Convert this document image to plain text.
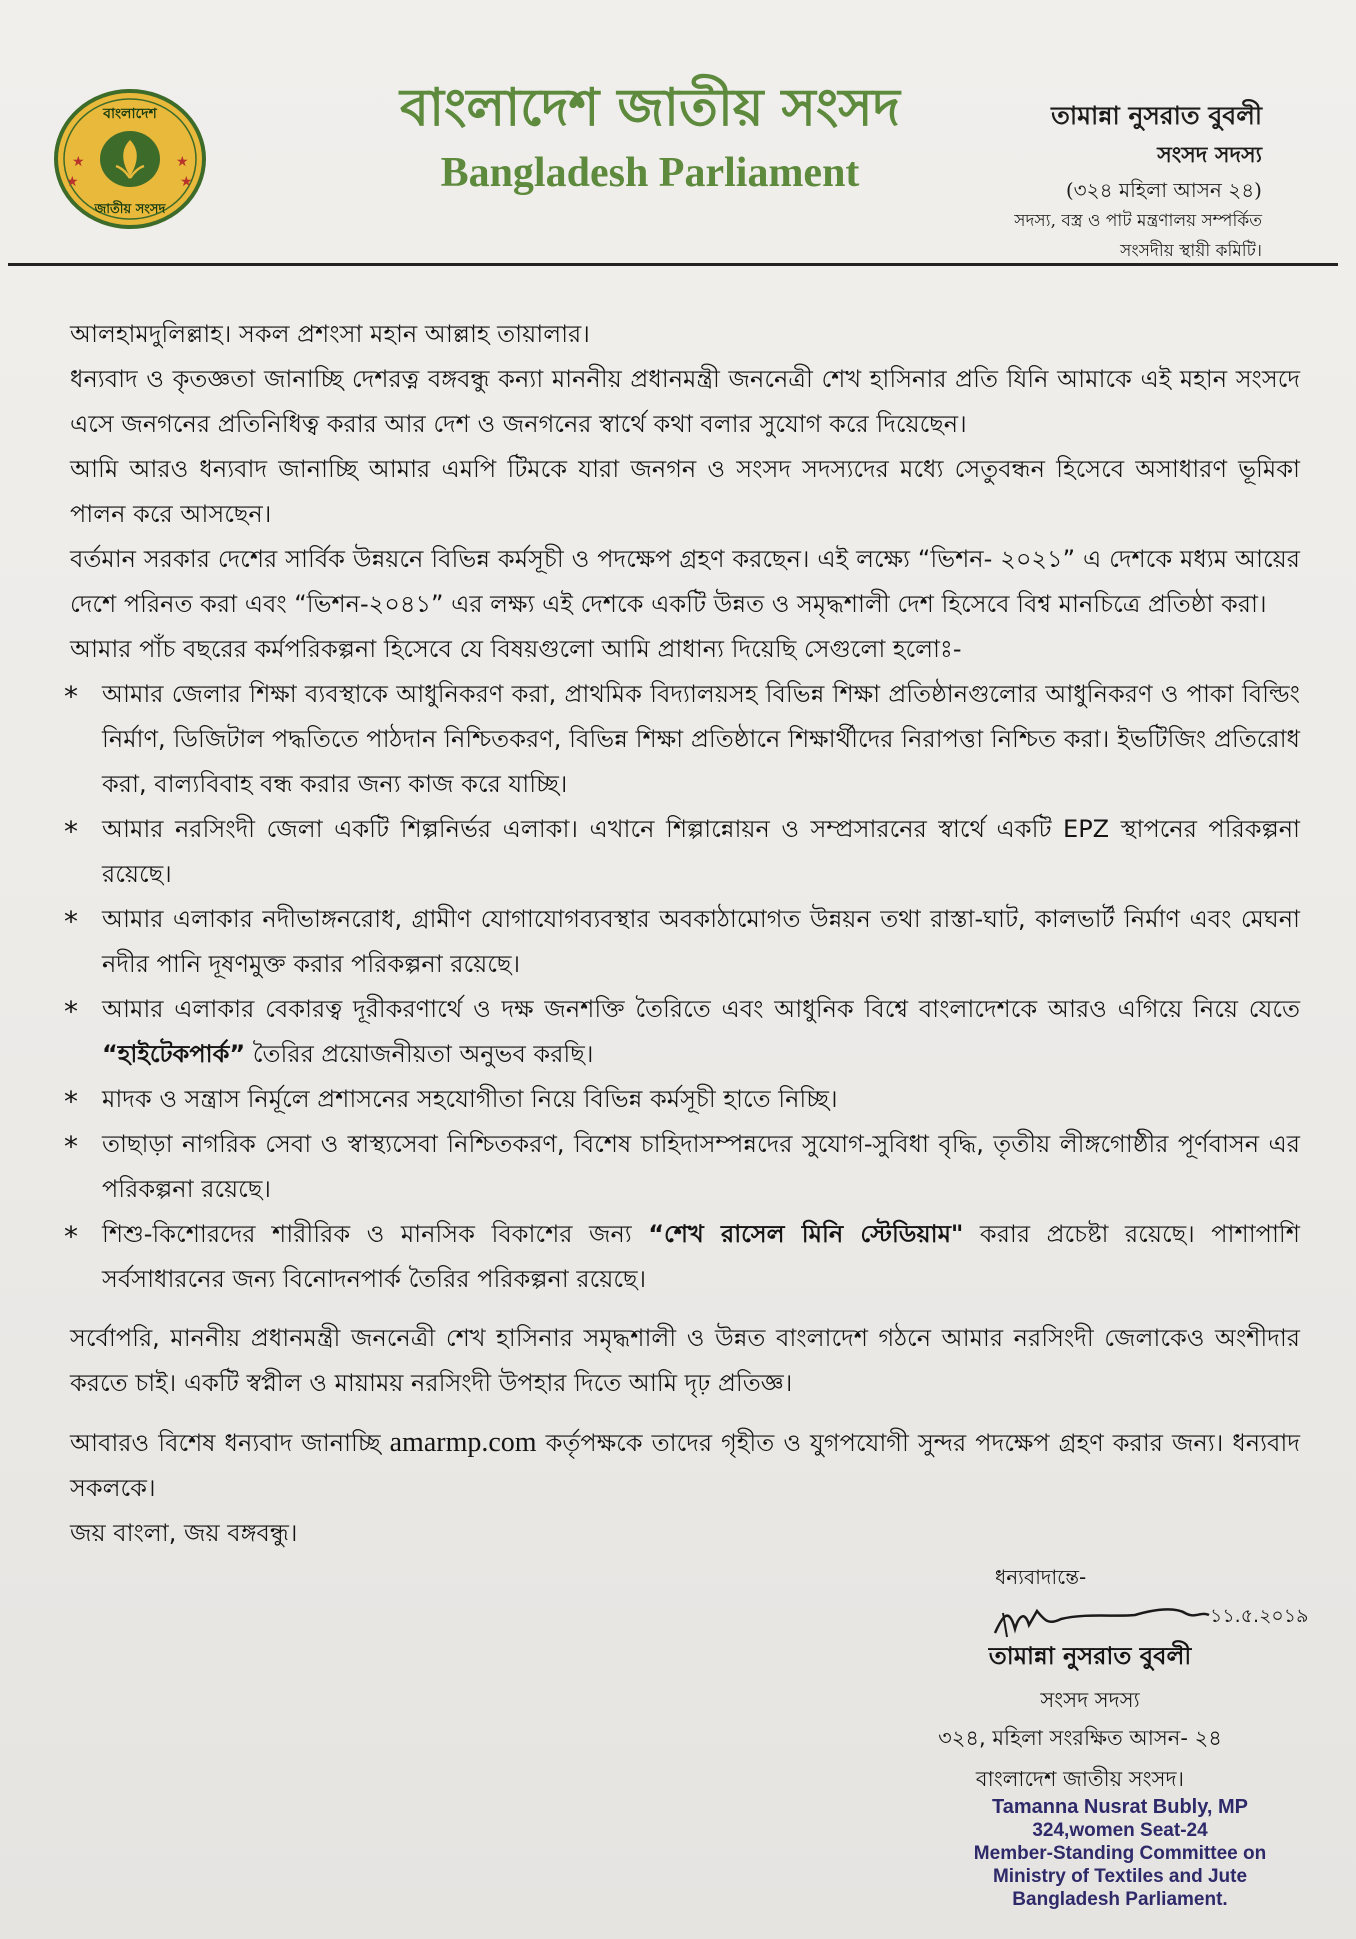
★
★
★
★
বাংলাদেশ
জাতীয় সংসদ
বাংলাদেশ জাতীয় সংসদ
Bangladesh Parliament
তামান্না নুসরাত বুবলী
সংসদ সদস্য
(৩২৪ মহিলা আসন ২৪)
সদস্য, বস্ত্র ও পাট মন্ত্রণালয় সম্পর্কিত
সংসদীয় স্থায়ী কমিটি।

আলহামদুলিল্লাহ। সকল প্রশংসা মহান আল্লাহ তায়ালার।

ধন্যবাদ ও কৃতজ্ঞতা জানাচ্ছি দেশরত্ন বঙ্গবন্ধু কন্যা মাননীয় প্রধানমন্ত্রী জননেত্রী শেখ হাসিনার প্রতি যিনি আমাকে এই মহান সংসদে এসে জনগনের প্রতিনিধিত্ব করার আর দেশ ও জনগনের স্বার্থে কথা বলার সুযোগ করে দিয়েছেন।

আমি আরও ধন্যবাদ জানাচ্ছি আমার এমপি টিমকে যারা জনগন ও সংসদ সদস্যদের মধ্যে সেতুবন্ধন হিসেবে অসাধারণ ভূমিকা পালন করে আসছেন।

বর্তমান সরকার দেশের সার্বিক উন্নয়নে বিভিন্ন কর্মসূচী ও পদক্ষেপ গ্রহণ করছেন। এই লক্ষ্যে “ভিশন- ২০২১” এ দেশকে মধ্যম আয়ের দেশে পরিনত করা এবং “ভিশন-২০৪১” এর লক্ষ্য এই দেশকে একটি উন্নত ও সমৃদ্ধশালী দেশ হিসেবে বিশ্ব মানচিত্রে প্রতিষ্ঠা করা।

আমার পাঁচ বছরের কর্মপরিকল্পনা হিসেবে যে বিষয়গুলো আমি প্রাধান্য দিয়েছি সেগুলো হলোঃ-

* আমার জেলার শিক্ষা ব্যবস্থাকে আধুনিকরণ করা, প্রাথমিক বিদ্যালয়সহ বিভিন্ন শিক্ষা প্রতিষ্ঠানগুলোর আধুনিকরণ ও পাকা বিল্ডিং নির্মাণ, ডিজিটাল পদ্ধতিতে পাঠদান নিশ্চিতকরণ, বিভিন্ন শিক্ষা প্রতিষ্ঠানে শিক্ষার্থীদের নিরাপত্তা নিশ্চিত করা। ইভটিজিং প্রতিরোধ করা, বাল্যবিবাহ বন্ধ করার জন্য কাজ করে যাচ্ছি।
* আমার নরসিংদী জেলা একটি শিল্পনির্ভর এলাকা। এখানে শিল্পান্নোয়ন ও সম্প্রসারনের স্বার্থে একটি EPZ স্থাপনের পরিকল্পনা রয়েছে।
* আমার এলাকার নদীভাঙ্গনরোধ, গ্রামীণ যোগাযোগব্যবস্থার অবকাঠামোগত উন্নয়ন তথা রাস্তা-ঘাট, কালভার্ট নির্মাণ এবং মেঘনা নদীর পানি দূষণমুক্ত করার পরিকল্পনা রয়েছে।
* আমার এলাকার বেকারত্ব দূরীকরণার্থে ও দক্ষ জনশক্তি তৈরিতে এবং আধুনিক বিশ্বে বাংলাদেশকে আরও এগিয়ে নিয়ে যেতে “হাইটেকপার্ক” তৈরির প্রয়োজনীয়তা অনুভব করছি।
* মাদক ও সন্ত্রাস নির্মূলে প্রশাসনের সহযোগীতা নিয়ে বিভিন্ন কর্মসূচী হাতে নিচ্ছি।
* তাছাড়া নাগরিক সেবা ও স্বাস্থ্যসেবা নিশ্চিতকরণ, বিশেষ চাহিদাসম্পন্নদের সুযোগ-সুবিধা বৃদ্ধি, তৃতীয় লীঙ্গগোষ্ঠীর পূর্ণবাসন এর পরিকল্পনা রয়েছে।
* শিশু-কিশোরদের শারীরিক ও মানসিক বিকাশের জন্য “শেখ রাসেল মিনি স্টেডিয়াম" করার প্রচেষ্টা রয়েছে। পাশাপাশি সর্বসাধারনের জন্য বিনোদনপার্ক তৈরির পরিকল্পনা রয়েছে।

সর্বোপরি, মাননীয় প্রধানমন্ত্রী জননেত্রী শেখ হাসিনার সমৃদ্ধশালী ও উন্নত বাংলাদেশ গঠনে আমার নরসিংদী জেলাকেও অংশীদার করতে চাই। একটি স্বপ্নীল ও মায়াময় নরসিংদী উপহার দিতে আমি দৃঢ় প্রতিজ্ঞ।

আবারও বিশেষ ধন্যবাদ জানাচ্ছি amarmp.com কর্তৃপক্ষকে তাদের গৃহীত ও যুগপযোগী সুন্দর পদক্ষেপ গ্রহণ করার জন্য। ধন্যবাদ সকলকে।

জয় বাংলা, জয় বঙ্গবন্ধু।

ধন্যবাদান্তে-
১১.৫.২০১৯
তামান্না নুসরাত বুবলী
সংসদ সদস্য
৩২৪, মহিলা সংরক্ষিত আসন- ২৪
বাংলাদেশ জাতীয় সংসদ।
Tamanna Nusrat Bubly, MP
324,women Seat-24
Member-Standing Committee on
Ministry of Textiles and Jute
Bangladesh Parliament.
